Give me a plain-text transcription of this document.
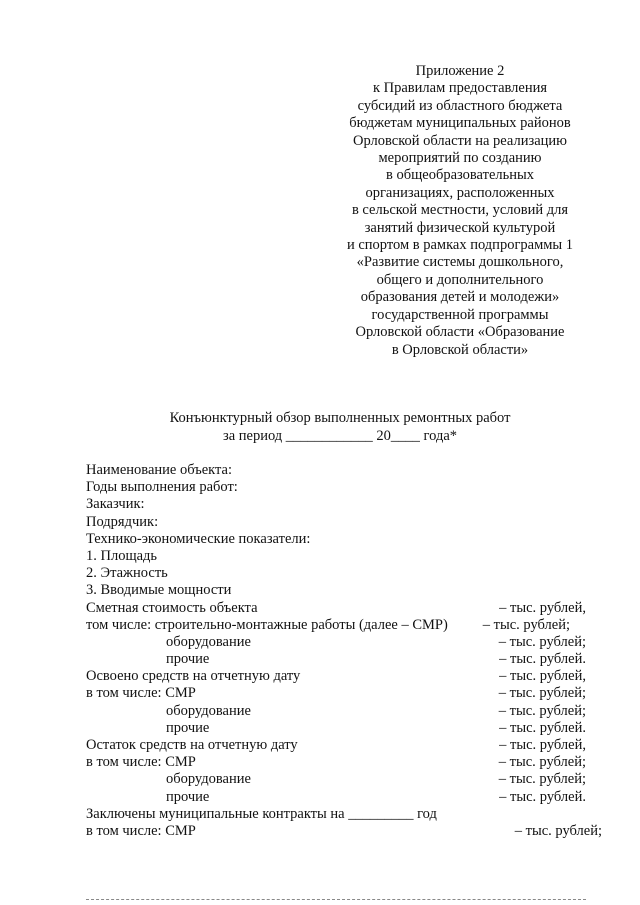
Приложение 2
к Правилам предоставления
субсидий из областного бюджета
бюджетам муниципальных районов
Орловской области на реализацию
мероприятий по созданию
в общеобразовательных
организациях, расположенных
в сельской местности, условий для
занятий физической культурой
и спортом в рамках подпрограммы 1
«Развитие системы дошкольного,
общего и дополнительного
образования детей и молодежи»
государственной программы
Орловской области «Образование
в Орловской области»
Конъюнктурный обзор выполненных ремонтных работ
за период ____________ 20____ года*
Наименование объекта:
Годы выполнения работ:
Заказчик:
Подрядчик:
Технико-экономические показатели:
1. Площадь
2. Этажность
3. Вводимые мощности
Сметная стоимость объекта	– тыс. рублей,
том числе: строительно-монтажные работы (далее – СМР) – тыс. рублей;
оборудование	– тыс. рублей;
прочие	– тыс. рублей.
Освоено средств на отчетную дату	– тыс. рублей,
в том числе: СМР	– тыс. рублей;
оборудование	– тыс. рублей;
прочие	– тыс. рублей.
Остаток средств на отчетную дату	– тыс. рублей,
в том числе: СМР	– тыс. рублей;
оборудование	– тыс. рублей;
прочие	– тыс. рублей.
Заключены муниципальные контракты на _________ год
в том числе: СМР	– тыс. рублей;
